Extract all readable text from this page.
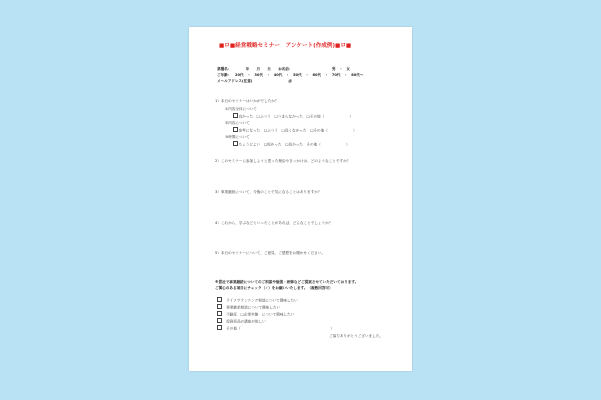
■ロ■経営戦略セミナー　アンケート(作成例)■ロ■
業種名：　　　　年　　月　　日　　お名前：　　　　　　　　　　　男　・　女
ご年齢：　20代　・　30代　・　40代　・　50代　・　60代　・　70代　・　80代～
メールアドレス(任意)　　　　　　　　　　＠
1）本日のセミナーはいかがでしたか？
①内容全体について
良かった　□ふつう　□つまらなかった　□その他（　　　　　　　）
②内容について
参考になった　□ふつう　□長くなかった　□その他（　　　　　　　）
③時間について
ちょうどよい　□短かった　□長かった　その他（　　　　　　　）
2）このセミナーに参加しようと思った理由やきっかけは、どのようなことですか？
3）事業継続について、今後のことで気になることはありますか？
4）これから、学ぶなどといったことがあれば、どんなことでしょうか？
5）本日のセミナーについて、ご意見、ご感想をお聞かせください。
※貴社で事業継続についてのご相談や勉強・研修などご提案させていただいております。
ご関心のある項目にチェック（✓）をお願いいたします。（複数回答可）
　ライフプランニング相談について興味したい
　事業継承相談について興味したい
　不動産　□企業実態　について興味したい
　投資商品の講座が欲しい
　その他（　　　　　　　　　　　　　　　　　　　　　　　　　）
ご協力ありがとうございました。
